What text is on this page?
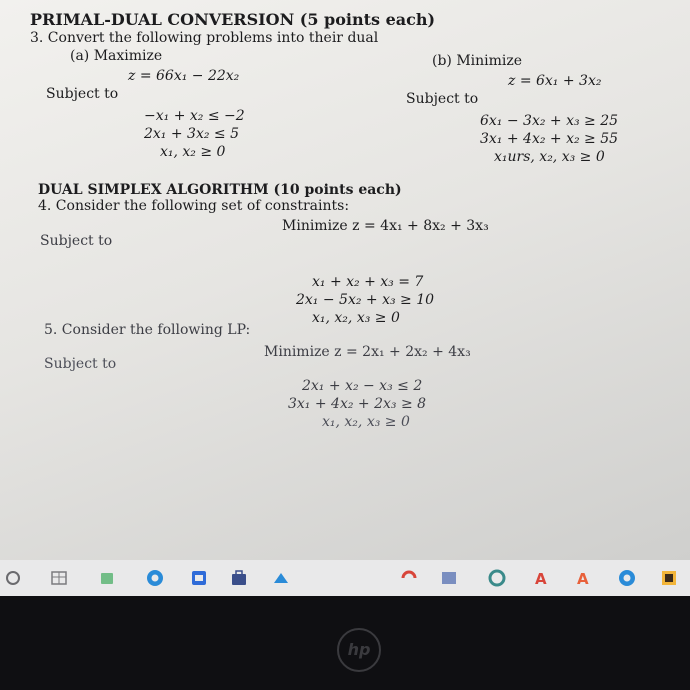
PRIMAL-DUAL CONVERSION (5 points each)
3. Convert the following problems into their dual
(a) Maximize
z = 66x₁ − 22x₂
Subject to
−x₁ + x₂ ≤ −2
2x₁ + 3x₂ ≤ 5
x₁, x₂ ≥ 0
(b) Minimize
z = 6x₁ + 3x₂
Subject to
6x₁ − 3x₂ + x₃ ≥ 25
3x₁ + 4x₂ + x₂ ≥ 55
x₁urs, x₂, x₃ ≥ 0
DUAL SIMPLEX ALGORITHM (10 points each)
4. Consider the following set of constraints:
Minimize z = 4x₁ + 8x₂ + 3x₃
Subject to
x₁ + x₂ + x₃ = 7
2x₁ − 5x₂ + x₃ ≥ 10
x₁, x₂, x₃ ≥ 0
5. Consider the following LP:
Minimize z = 2x₁ + 2x₂ + 4x₃
Subject to
2x₁ + x₂ − x₃ ≤ 2
3x₁ + 4x₂ + 2x₃ ≥ 8
x₁, x₂, x₃ ≥ 0
A A
hp
